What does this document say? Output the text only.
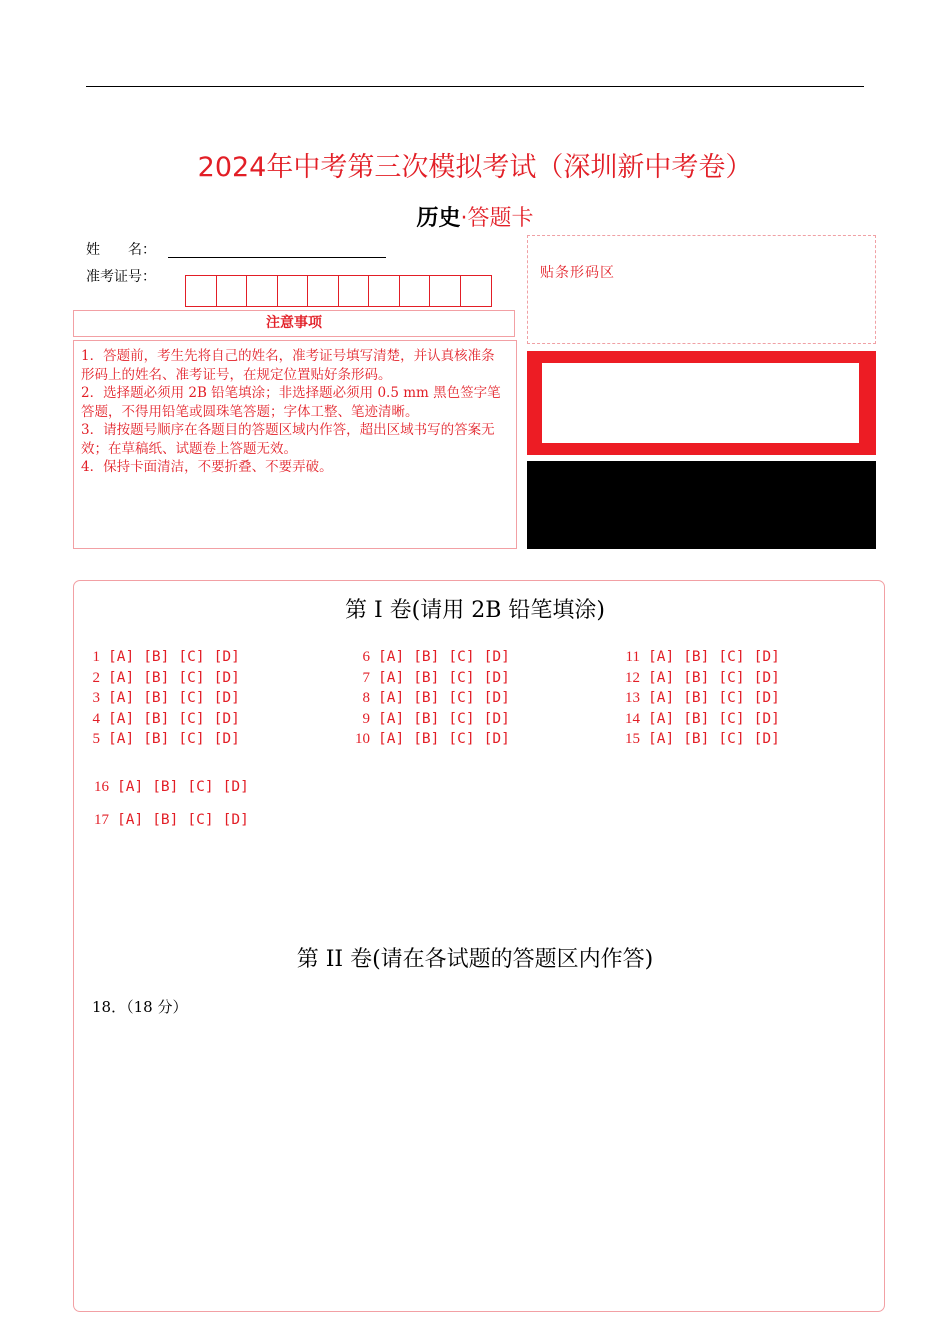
2024年中考第三次模拟考试（深圳新中考卷）
历史·答题卡
姓　　名：
准考证号：
注意事项

1．答题前，考生先将自己的姓名，准考证号填写清楚，并认真核准条形码上的姓名、准考证号，在规定位置贴好条形码。

2．选择题必须用 2B 铅笔填涂；非选择题必须用 0.5 mm 黑色签字笔答题，不得用铅笔或圆珠笔答题；字体工整、笔迹清晰。

3．请按题号顺序在各题目的答题区域内作答，超出区域书写的答案无效；在草稿纸、试题卷上答题无效。

4．保持卡面清洁，不要折叠、不要弄破。

贴条形码区
第 I 卷(请用 2B 铅笔填涂)
1 [A] [B] [C] [D]
2 [A] [B] [C] [D]
3 [A] [B] [C] [D]
4 [A] [B] [C] [D]
5 [A] [B] [C] [D]
6 [A] [B] [C] [D]
7 [A] [B] [C] [D]
8 [A] [B] [C] [D]
9 [A] [B] [C] [D]
10 [A] [B] [C] [D]
11 [A] [B] [C] [D]
12 [A] [B] [C] [D]
13 [A] [B] [C] [D]
14 [A] [B] [C] [D]
15 [A] [B] [C] [D]
16 [A] [B] [C] [D]
17 [A] [B] [C] [D]
第 II 卷(请在各试题的答题区内作答)
18．（18 分）
